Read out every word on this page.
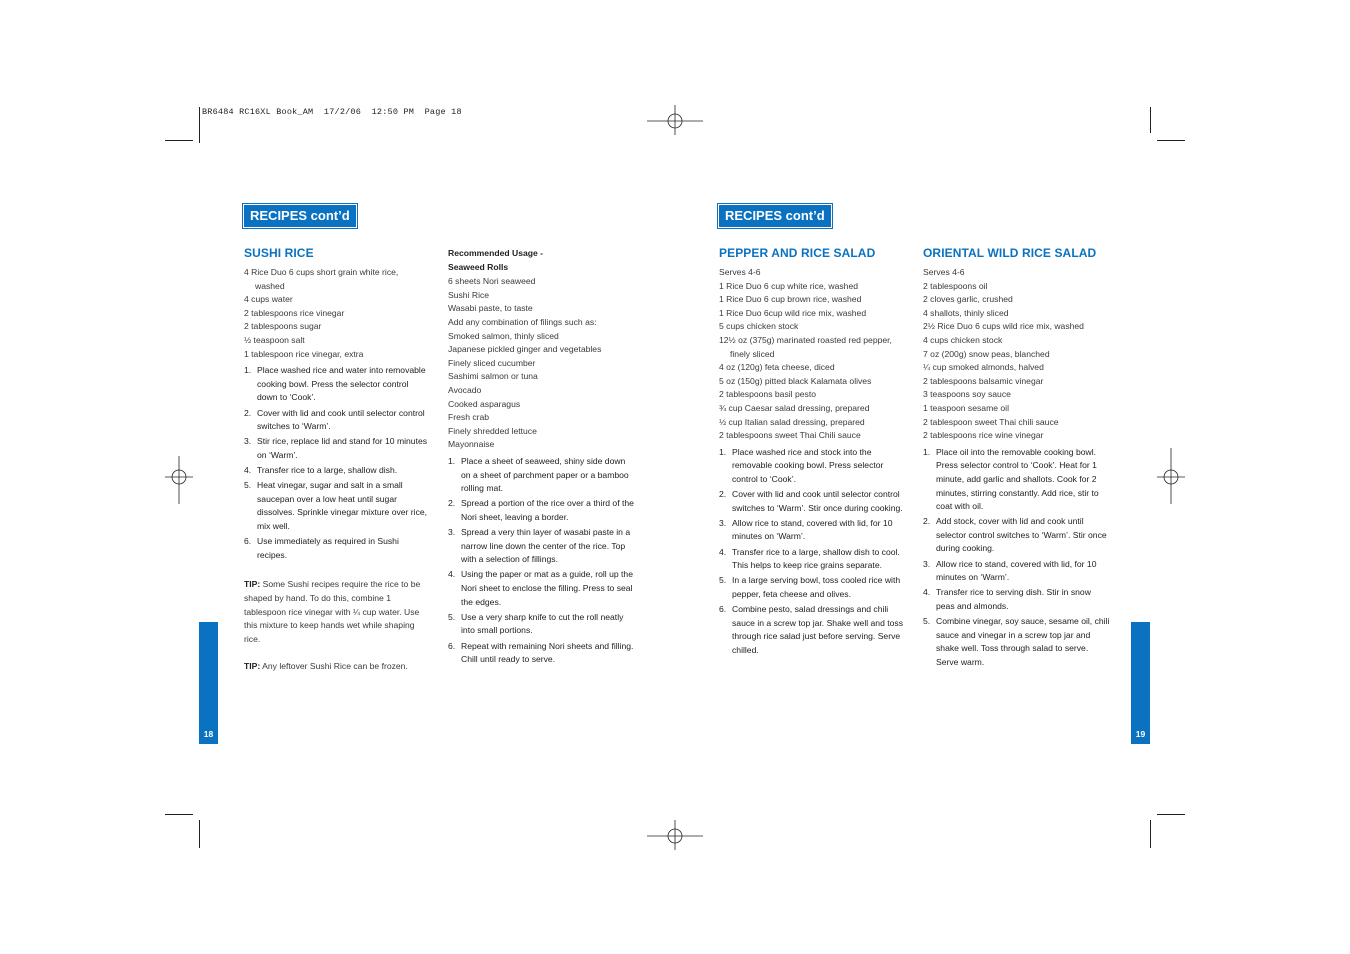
BR6484 RC16XL Book_AM  17/2/06  12:50 PM  Page 18
RECIPES cont’d
SUSHI RICE
4 Rice Duo 6 cups short grain white rice, washed
4 cups water
2 tablespoons rice vinegar
2 tablespoons sugar
½ teaspoon salt
1 tablespoon rice vinegar, extra
1. Place washed rice and water into removable cooking bowl. Press the selector control down to ‘Cook’.
2. Cover with lid and cook until selector control switches to ‘Warm’.
3. Stir rice, replace lid and stand for 10 minutes on ‘Warm’.
4. Transfer rice to a large, shallow dish.
5. Heat vinegar, sugar and salt in a small saucepan over a low heat until sugar dissolves. Sprinkle vinegar mixture over rice, mix well.
6. Use immediately as required in Sushi recipes.
TIP: Some Sushi recipes require the rice to be shaped by hand. To do this, combine 1 tablespoon rice vinegar with ¼ cup water. Use this mixture to keep hands wet while shaping rice.
TIP: Any leftover Sushi Rice can be frozen.
Recommended Usage -
Seaweed Rolls
6 sheets Nori seaweed
Sushi Rice
Wasabi paste, to taste
Add any combination of filings such as:
Smoked salmon, thinly sliced
Japanese pickled ginger and vegetables
Finely sliced cucumber
Sashimi salmon or tuna
Avocado
Cooked asparagus
Fresh crab
Finely shredded lettuce
Mayonnaise
1. Place a sheet of seaweed, shiny side down on a sheet of parchment paper or a bamboo rolling mat.
2. Spread a portion of the rice over a third of the Nori sheet, leaving a border.
3. Spread a very thin layer of wasabi paste in a narrow line down the center of the rice. Top with a selection of fillings.
4. Using the paper or mat as a guide, roll up the Nori sheet to enclose the filling. Press to seal the edges.
5. Use a very sharp knife to cut the roll neatly into small portions.
6. Repeat with remaining Nori sheets and filling. Chill until ready to serve.
18
RECIPES cont’d
PEPPER AND RICE SALAD
Serves 4-6
1 Rice Duo 6 cup white rice, washed
1 Rice Duo 6 cup brown rice, washed
1 Rice Duo 6cup wild rice mix, washed
5 cups chicken stock
12½ oz (375g) marinated roasted red pepper, finely sliced
4 oz (120g) feta cheese, diced
5 oz (150g) pitted black Kalamata olives
2 tablespoons basil pesto
¾ cup Caesar salad dressing, prepared
½ cup Italian salad dressing, prepared
2 tablespoons sweet Thai Chili sauce
1. Place washed rice and stock into the removable cooking bowl. Press selector control to ‘Cook’.
2. Cover with lid and cook until selector control switches to ‘Warm’. Stir once during cooking.
3. Allow rice to stand, covered with lid, for 10 minutes on ‘Warm’.
4. Transfer rice to a large, shallow dish to cool. This helps to keep rice grains separate.
5. In a large serving bowl, toss cooled rice with pepper, feta cheese and olives.
6. Combine pesto, salad dressings and chili sauce in a screw top jar. Shake well and toss through rice salad just before serving. Serve chilled.
ORIENTAL WILD RICE SALAD
Serves 4-6
2 tablespoons oil
2 cloves garlic, crushed
4 shallots, thinly sliced
2½ Rice Duo 6 cups wild rice mix, washed
4 cups chicken stock
7 oz (200g) snow peas, blanched
¼ cup smoked almonds, halved
2 tablespoons balsamic vinegar
3 teaspoons soy sauce
1 teaspoon sesame oil
2 tablespoon sweet Thai chili sauce
2 tablespoons rice wine vinegar
1. Place oil into the removable cooking bowl. Press selector control to ‘Cook’. Heat for 1 minute, add garlic and shallots. Cook for 2 minutes, stirring constantly. Add rice, stir to coat with oil.
2. Add stock, cover with lid and cook until selector control switches to ‘Warm’. Stir once during cooking.
3. Allow rice to stand, covered with lid, for 10 minutes on ‘Warm’.
4. Transfer rice to serving dish. Stir in snow peas and almonds.
5. Combine vinegar, soy sauce, sesame oil, chili sauce and vinegar in a screw top jar and shake well. Toss through salad to serve. Serve warm.
19
